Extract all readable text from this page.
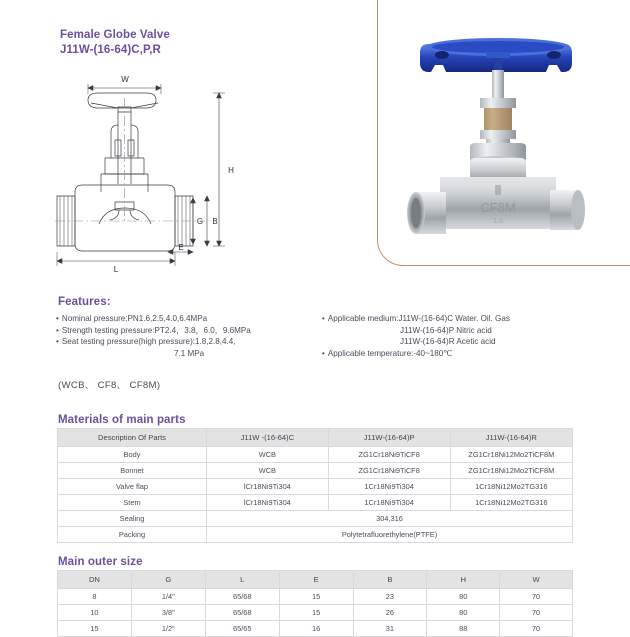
Female Globe Valve
J11W-(16-64)C,P,R
W
H
G B
L
E
CF8M
1.6
Features:
• Nominal pressure:PN1.6,2.5,4.0,6.4MPa
• Strength testing pressure:PT2.4，3.8，6.0，9.6MPa
• Seat testing pressure(high pressure):1.8,2.8,4.4,
7.1 MPa
• Applicable medium:J11W-(16-64)C Water. Oil. Gas
J11W-(16-64)P Nitric acid
J11W-(16-64)R Acetic acid
• Applicable temperature:-40~180℃
(WCB、 CF8、 CF8M)
Materials of main parts
Description Of Parts	J11W -(16-64)C	J11W-(16-64)P	J11W-(16-64)R
Body	WCB	ZG1Cr18Ni9TiCF8	ZG1Cr18Ni12Mo2TiCF8M
Bonnet	WCB	ZG1Cr18Ni9TiCF8	ZG1Cr18Ni12Mo2TiCF8M
Valve flap	lCr18Ni9Ti304	1Cr18Ni9Ti304	1Cr18Ni12Mo2TG316
Stem	lCr18Ni9Ti304	1Cr18Ni9Ti304	1Cr18Ni12Mo2TG316
Sealing	304,316		
Packing	Polytetrafluorethylene(PTFE)		
Main outer size
DN	G	L	E	B	H	W
8	1/4"	65/68	15	23	80	70
10	3/8"	65/68	15	26	80	70
15	1/2"	65/65	16	31	88	70
